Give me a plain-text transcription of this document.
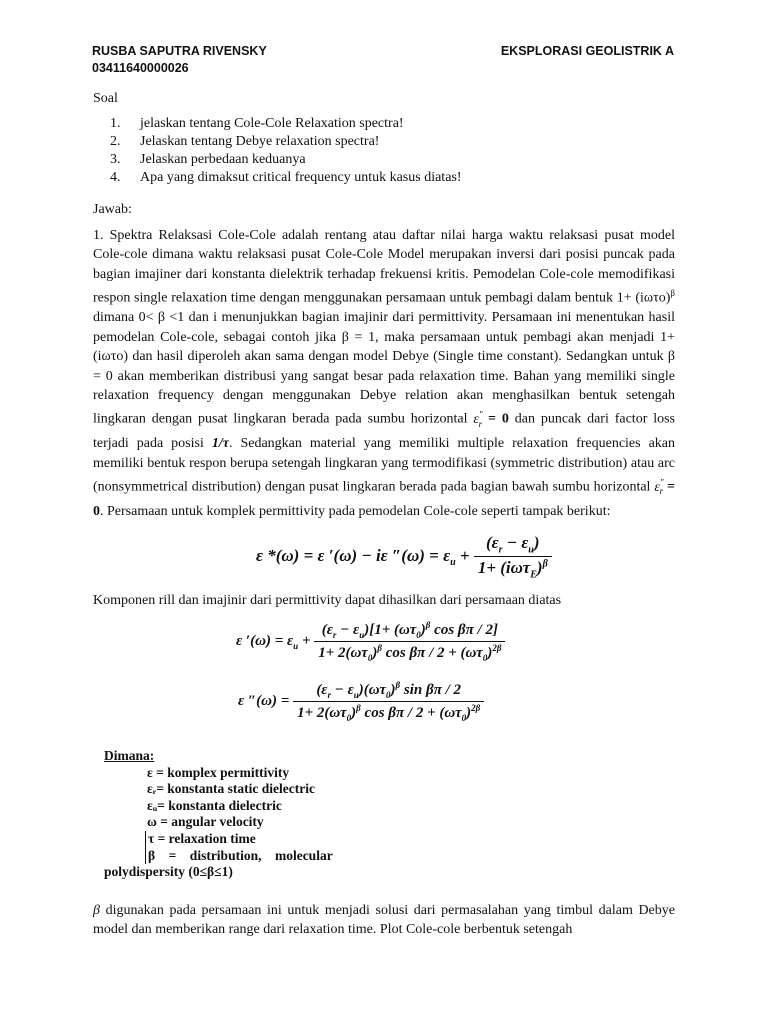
RUSBA SAPUTRA RIVENSKY
03411640000026
EKSPLORASI GEOLISTRIK A
Soal
1.	jelaskan tentang Cole-Cole Relaxation spectra!
2.	Jelaskan tentang Debye relaxation spectra!
3.	Jelaskan perbedaan keduanya
4.	Apa yang dimaksut critical frequency untuk kasus diatas!
Jawab:

1. Spektra Relaksasi Cole-Cole adalah rentang atau daftar nilai harga waktu relaksasi pusat model Cole-cole dimana waktu relaksasi pusat Cole-Cole Model merupakan inversi dari posisi puncak pada bagian imajiner dari konstanta dielektrik terhadap frekuensi kritis. Pemodelan Cole-cole memodifikasi respon single relaxation time dengan menggunakan persamaan untuk pembagi dalam bentuk $1+ (i\omega\tau o)^\beta$ dimana 0< β <1 dan i menunjukkan bagian imajinir dari permittivity. Persamaan ini menentukan hasil pemodelan Cole-cole, sebagai contoh jika β = 1, maka persamaan untuk pembagi akan menjadi 1+(iωτo) dan hasil diperoleh akan sama dengan model Debye (Single time constant). Sedangkan untuk β = 0 akan memberikan distribusi yang sangat besar pada relaxation time. Bahan yang memiliki single relaxation frequency dengan menggunakan Debye relation akan menghasilkan bentuk setengah lingkaran dengan pusat lingkaran berada pada sumbu horizontal $\varepsilon''_r = 0$ dan puncak dari factor loss terjadi pada posisi 1/τ. Sedangkan material yang memiliki multiple relaxation frequencies akan memiliki bentuk respon berupa setengah lingkaran yang termodifikasi (symmetric distribution) atau arc (nonsymmetrical distribution) dengan pusat lingkaran berada pada bagian bawah sumbu horizontal $\varepsilon''_r = 0$. Persamaan untuk komplek permittivity pada pemodelan Cole-cole seperti tampak berikut:

ε *(ω) = ε ′(ω) − iε $''(\omega) = \varepsilon_u + \frac{(\varepsilon_r - \varepsilon_u)}{1+ (i\omega\tau_E)^\beta}$
Komponen rill dan imajinir dari permittivity dapat dihasilkan dari persamaan diatas
ε $'(\omega) = \varepsilon_u + \frac{(\varepsilon_r - \varepsilon_u)[1+ (\omega\tau_0)^\beta \cos \beta\pi / 2]}{1+ 2(\omega\tau_0)^\beta \cos \beta\pi / 2 + (\omega\tau_0)^{2\beta}}$
ε $''(\omega) = \frac{(\varepsilon_r - \varepsilon_u)(\omega\tau_0)^\beta \sin \beta\pi / 2}{1+ 2(\omega\tau_0)^\beta \cos \beta\pi / 2 + (\omega\tau_0)^{2\beta}}$
Dimana:
ε = komplex permittivity
εᵣ= konstanta static dielectric
εᵤ= konstanta dielectric
ω = angular velocity
τ = relaxation time
β    =    distribution,    molecular
polydispersity (0≤β≤1)

β digunakan pada persamaan ini untuk menjadi solusi dari permasalahan yang timbul dalam Debye model dan memberikan range dari relaxation time. Plot Cole-cole berbentuk setengah
